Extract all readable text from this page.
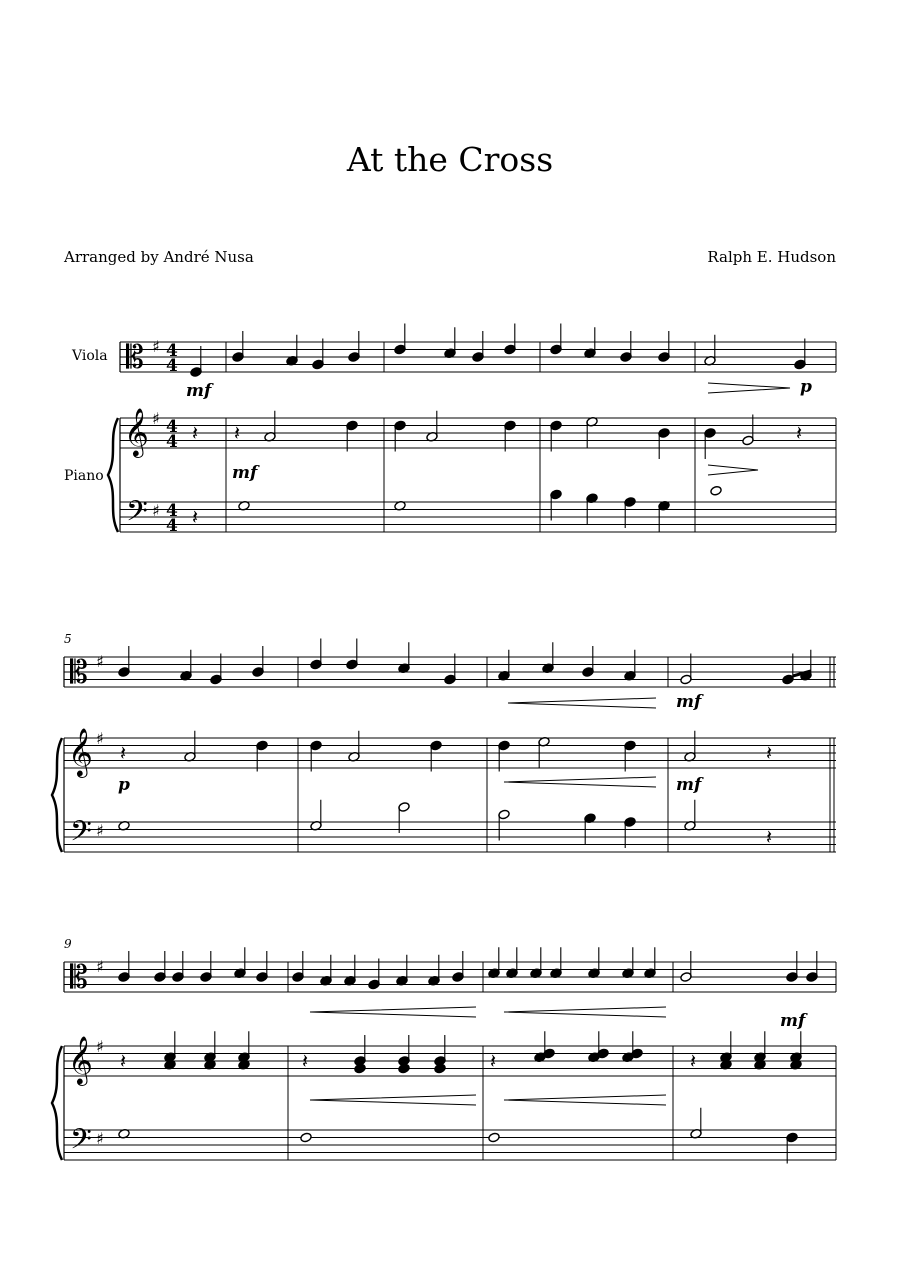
At the Cross
Arranged by André Nusa	Ralph E. Hudson
Viola
Piano
𝄡
𝄞
𝄢
♯
♯
♯
4
4
4
4
4
4
𝄡
𝄞
𝄢
♯
♯
♯
𝄡
𝄞
𝄢
♯
♯
♯
5
9
mf	p
𝄽 𝄽	𝄽
mf
𝄽
mf
𝄽	𝄽
p	mf
𝄽
mf
𝄽	𝄽	𝄽	𝄽
